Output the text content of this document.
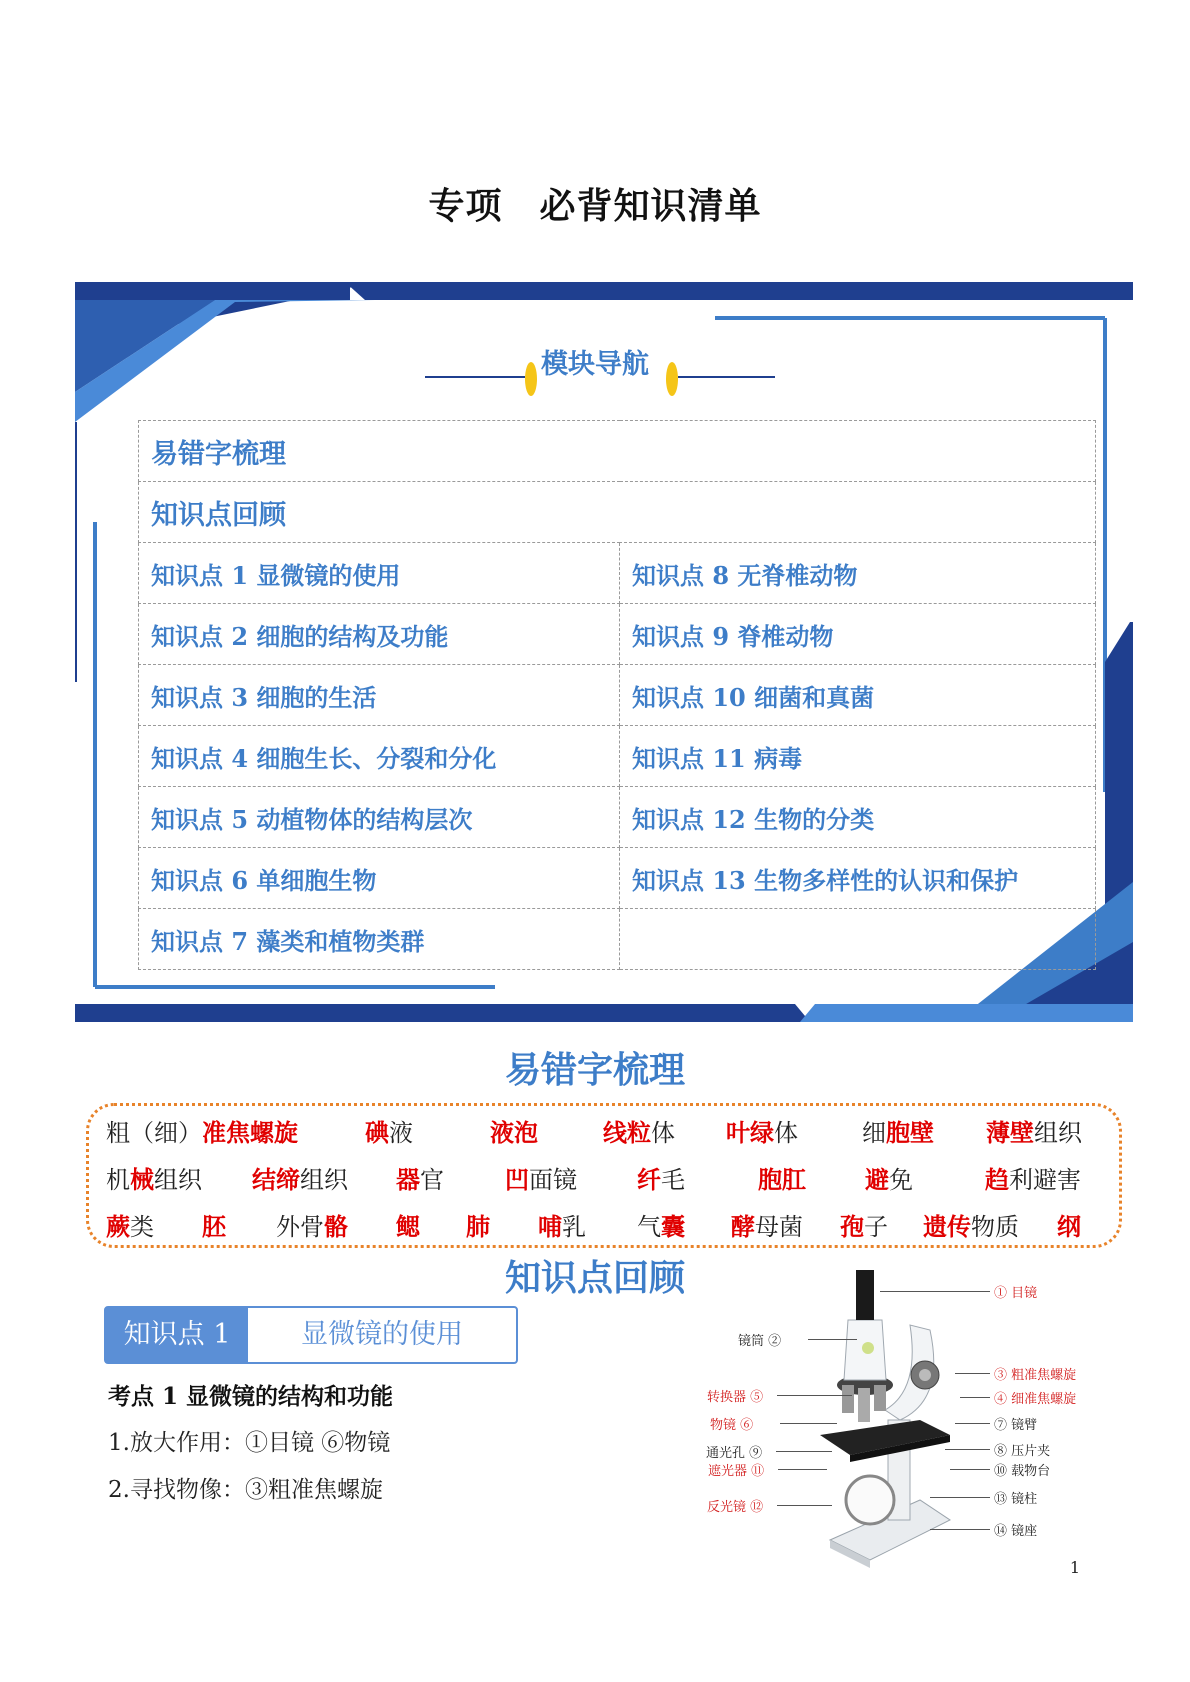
专项　必背知识清单
模块导航
易错字梳理	
知识点回顾	
知识点 1 显微镜的使用	知识点 8 无脊椎动物
知识点 2 细胞的结构及功能	知识点 9 脊椎动物
知识点 3 细胞的生活	知识点 10 细菌和真菌
知识点 4 细胞生长、分裂和分化	知识点 11 病毒
知识点 5 动植物体的结构层次	知识点 12 生物的分类
知识点 6 单细胞生物	知识点 13 生物多样性的认识和保护
知识点 7 藻类和植物类群	
易错字梳理
粗（细）准焦螺旋	碘液	液泡	线粒体 叶绿体	细胞壁 薄壁组织
机械组织 结缔组织 器官	凹面镜	纤毛	胞肛 避免	趋利避害
蕨类 胚 外骨骼 鳃 肺 哺乳 气囊 酵母菌 孢子 遗传物质 纲
知识点回顾
知识点 1	显微镜的使用
考点 1 显微镜的结构和功能
1.放大作用：①目镜 ⑥物镜
2.寻找物像：③粗准焦螺旋
① 目镜
③ 粗准焦螺旋
④ 细准焦螺旋
⑦ 镜臂
⑧ 压片夹
⑩ 载物台
⑬ 镜柱
⑭ 镜座
镜筒 ②
转换器 ⑤
物镜 ⑥
通光孔 ⑨
遮光器 ⑪
反光镜 ⑫
1
